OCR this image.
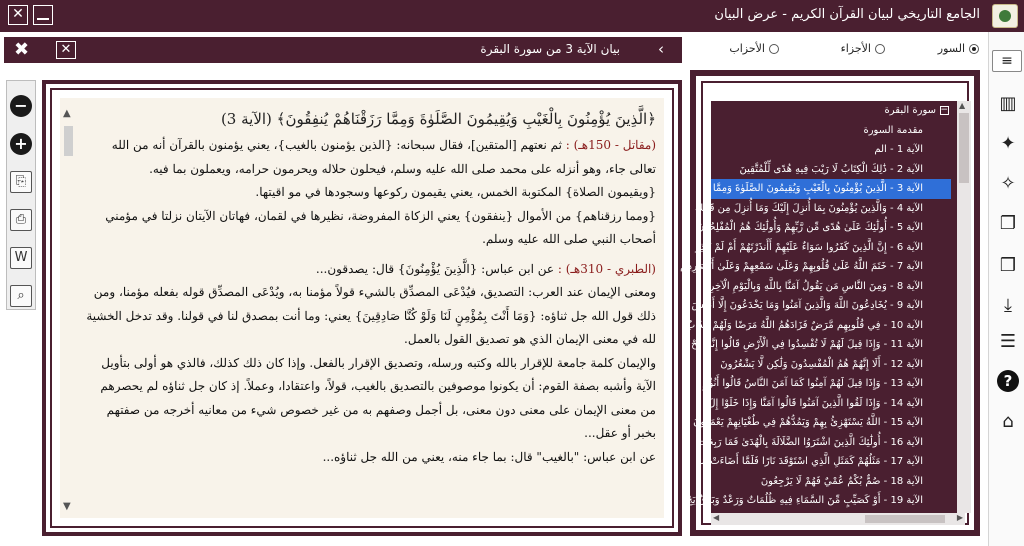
✕	الجامع التاريخي لبيان القرآن الكريم - عرض البيان
✖	✕	بيان الآية 3 من سورة البقرة	‹
−
+
⎘
⎙
W
⌕
▲
▼

﴿الَّذِينَ يُؤْمِنُونَ بِالْغَيْبِ وَيُقِيمُونَ الصَّلَوٰةَ وَمِمَّا رَزَقْنَاهُمْ يُنفِقُونَ﴾ (الآية 3)

(مقاتل - 150هـ) : ثم نعتهم [المتقين]، فقال سبحانه: {الذين يؤمنون بالغيب}، يعني يؤمنون بالقرآن أنه من الله تعالى جاء، وهو أنزله على محمد صلى الله عليه وسلم، فيحلون حلاله ويحرمون حرامه، ويعملون بما فيه.

{ويقيمون الصلاة} المكتوبة الخمس، يعني يقيمون ركوعها وسجودها في مو اقيتها.

{ومما رزقناهم} من الأموال {ينفقون} يعني الزكاة المفروضة، نظيرها في لقمان، فهاتان الآيتان نزلتا في مؤمني أصحاب النبي صلى الله عليه وسلم.

(الطبري - 310هـ) : عن ابن عباس: {الَّذِينَ يُؤْمِنُونَ} قال: يصدقون...

ومعنى الإيمان عند العرب: التصديق، فيُدْعَى المصدِّق بالشيء قولاً مؤمنا به، ويُدْعَى المصدِّق قوله بفعله مؤمنا، ومن ذلك قول الله جل ثناؤه: {وَمَا أَنْتَ بِمُؤْمِنٍ لَنَا وَلَوْ كُنَّا صَادِقِينَ} يعني: وما أنت بمصدق لنا في قولنا. وقد تدخل الخشية لله في معنى الإيمان الذي هو تصديق القول بالعمل.

والإيمان كلمة جامعة للإقرار بالله وكتبه ورسله، وتصديق الإقرار بالفعل. وإذا كان ذلك كذلك، فالذي هو أولى بتأويل الآية وأشبه بصفة القوم: أن يكونوا موصوفين بالتصديق بالغيب، قولاً، واعتقادا، وعملاً. إذ كان جل ثناؤه لم يحصرهم من معنى الإيمان على معنى دون معنى، بل أجمل وصفهم به من غير خصوص شيء من معانيه أخرجه من صفتهم بخبر أو عقل...

عن ابن عباس: "بالغيب" قال: بما جاء منه، يعني من الله جل ثناؤه...

السور
الأجزاء
الأحزاب
▲
−سورة البقرة
مقدمة السورة
الآية 1 - الم
الآية 2 - ذَٰلِكَ الْكِتَابُ لَا رَيْبَ فِيهِ هُدًى لِّلْمُتَّقِينَ
الآية 3 - الَّذِينَ يُؤْمِنُونَ بِالْغَيْبِ وَيُقِيمُونَ الصَّلَوٰةَ وَمِمَّا رَ
الآية 4 - وَالَّذِينَ يُؤْمِنُونَ بِمَا أُنزِلَ إِلَيْكَ وَمَا أُنزِلَ مِن قَبْلِكَ
الآية 5 - أُولَٰئِكَ عَلَىٰ هُدًى مِّن رَّبِّهِمْ وَأُولَٰئِكَ هُمُ الْمُفْلِحُونَ
الآية 6 - إِنَّ الَّذِينَ كَفَرُوا سَوَاءٌ عَلَيْهِمْ أَأَنذَرْتَهُمْ أَمْ لَمْ تُنذِرْ
الآية 7 - خَتَمَ اللَّهُ عَلَىٰ قُلُوبِهِمْ وَعَلَىٰ سَمْعِهِمْ وَعَلَىٰ أَبْصَارِهِمْ
الآية 8 - وَمِنَ النَّاسِ مَن يَقُولُ آمَنَّا بِاللَّهِ وَبِالْيَوْمِ الْآخِرِ
الآية 9 - يُخَادِعُونَ اللَّهَ وَالَّذِينَ آمَنُوا وَمَا يَخْدَعُونَ إِلَّا أَنفُسَ
الآية 10 - فِي قُلُوبِهِم مَّرَضٌ فَزَادَهُمُ اللَّهُ مَرَضًا وَلَهُمْ عَذَابٌ
الآية 11 - وَإِذَا قِيلَ لَهُمْ لَا تُفْسِدُوا فِي الْأَرْضِ قَالُوا إِنَّمَا نَحْ
الآية 12 - أَلَا إِنَّهُمْ هُمُ الْمُفْسِدُونَ وَلَٰكِن لَّا يَشْعُرُونَ
الآية 13 - وَإِذَا قِيلَ لَهُمْ آمِنُوا كَمَا آمَنَ النَّاسُ قَالُوا أَنُؤْمِ
الآية 14 - وَإِذَا لَقُوا الَّذِينَ آمَنُوا قَالُوا آمَنَّا وَإِذَا خَلَوْا إِلَ
الآية 15 - اللَّهُ يَسْتَهْزِئُ بِهِمْ وَيَمُدُّهُمْ فِي طُغْيَانِهِمْ يَعْمَهُونَ
الآية 16 - أُولَٰئِكَ الَّذِينَ اشْتَرَوُا الضَّلَالَةَ بِالْهُدَىٰ فَمَا رَبِحَت
الآية 17 - مَثَلُهُمْ كَمَثَلِ الَّذِي اسْتَوْقَدَ نَارًا فَلَمَّا أَضَاءَتْ مَا
الآية 18 - صُمٌّ بُكْمٌ عُمْيٌ فَهُمْ لَا يَرْجِعُونَ
الآية 19 - أَوْ كَصَيِّبٍ مِّنَ السَّمَاءِ فِيهِ ظُلُمَاتٌ وَرَعْدٌ وَبَرْقٌ يَجْ
◀	▶
≡
▥
✦
✧
❐
❒
⤓
☰
?
⌂
